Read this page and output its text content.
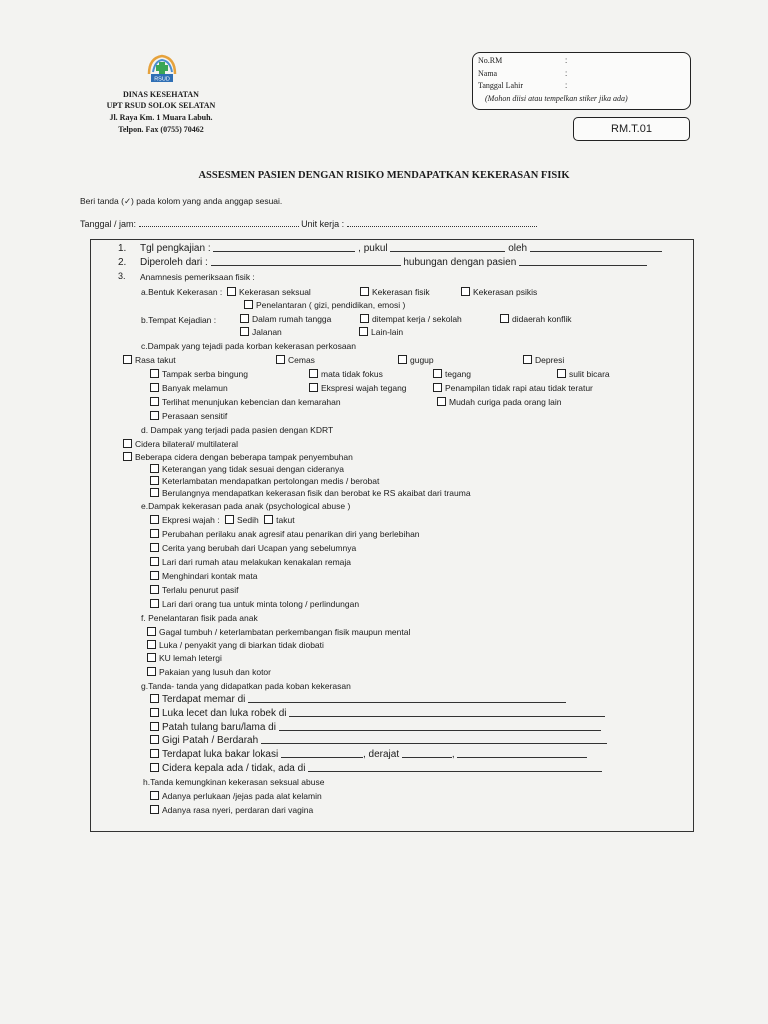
RSUD
DINAS KESEHATAN
UPT RSUD SOLOK SELATAN
Jl. Raya Km. 1 Muara Labuh.
Telpon. Fax (0755) 70462
No.RM	:
Nama	:
Tanggal Lahir	:
(Mohon diisi atau tempelkan stiker jika ada)
RM.T.01
ASSESMEN PASIEN DENGAN RISIKO MENDAPATKAN KEKERASAN FISIK
Beri tanda (✓) pada kolom yang anda anggap sesuai.
Tanggal / jam:	Unit kerja :
1. Tgl pengkajian :	, pukul	oleh
2. Diperoleh dari :	hubungan dengan pasien
3. Anamnesis pemeriksaan fisik :
a.Bentuk Kekerasan :	Kekerasan seksual	Kekerasan fisik	Kekerasan psikis
Penelantaran ( gizi, pendidikan, emosi )
b.Tempat Kejadian :	Dalam rumah tangga	ditempat kerja / sekolah	didaerah konflik
Jalanan	Lain-lain
c.Dampak yang tejadi pada korban kekerasan perkosaan
Rasa takut	Cemas	gugup	Depresi
Tampak serba bingung	mata tidak fokus	tegang	sulit bicara
Banyak melamun	Ekspresi wajah tegang	Penampilan tidak rapi atau tidak teratur
Terlihat menunjukan kebencian dan kemarahan	Mudah curiga pada orang lain
Perasaan sensitif
d. Dampak yang terjadi pada pasien dengan KDRT
Cidera bilateral/ multilateral
Beberapa cidera dengan beberapa tampak penyembuhan
Keterangan yang tidak sesuai dengan cideranya
Keterlambatan mendapatkan pertolongan medis / berobat
Berulangnya mendapatkan kekerasan fisik dan berobat ke RS akaibat dari trauma
e.Dampak kekerasan pada anak (psychological abuse )
Ekpresi wajah : Sedih takut
Perubahan perilaku anak agresif atau penarikan diri yang berlebihan
Cerita yang berubah dari Ucapan yang sebelumnya
Lari dari rumah atau melakukan kenakalan remaja
Menghindari kontak mata
Terlalu penurut pasif
Lari dari orang tua untuk minta tolong / perlindungan
f. Penelantaran fisik pada anak
Gagal tumbuh / keterlambatan perkembangan fisik maupun mental
Luka / penyakit yang di biarkan tidak diobati
KU lemah letergi
Pakaian yang lusuh dan kotor
g.Tanda- tanda yang didapatkan pada koban kekerasan
Terdapat memar di
Luka lecet dan luka robek di
Patah tulang baru/lama di
Gigi Patah / Berdarah
Terdapat luka bakar lokasi	, derajat	,
Cidera kepala ada / tidak, ada di
h.Tanda kemungkinan kekerasan seksual abuse
Adanya perlukaan /jejas pada alat kelamin
Adanya rasa nyeri, perdaran dari vagina
